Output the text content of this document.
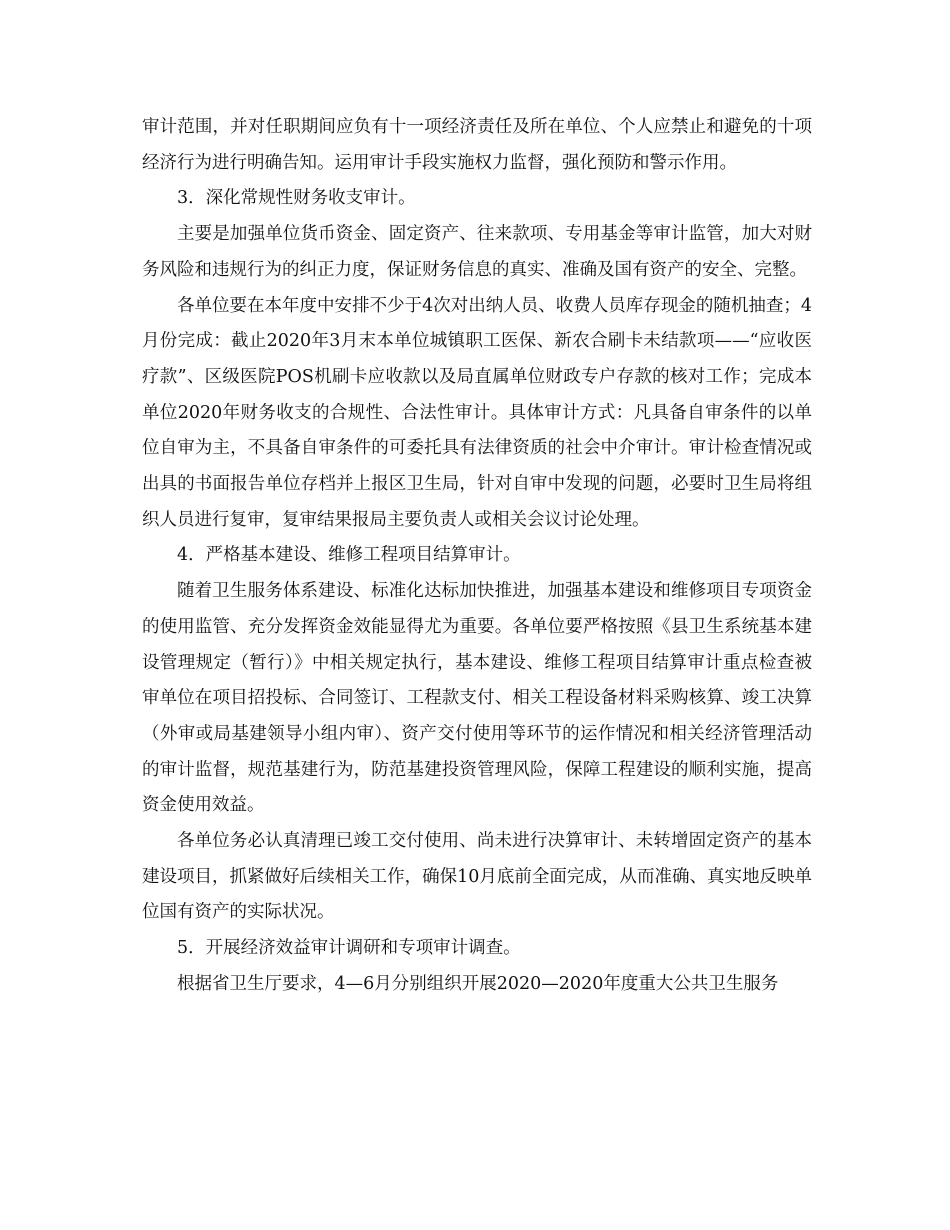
审计范围，并对任职期间应负有十一项经济责任及所在单位、个人应禁止和避免的十项经济行为进行明确告知。运用审计手段实施权力监督，强化预防和警示作用。

3．深化常规性财务收支审计。

主要是加强单位货币资金、固定资产、往来款项、专用基金等审计监管，加大对财务风险和违规行为的纠正力度，保证财务信息的真实、准确及国有资产的安全、完整。

各单位要在本年度中安排不少于4次对出纳人员、收费人员库存现金的随机抽查；4月份完成：截止2020年3月末本单位城镇职工医保、新农合刷卡未结款项——“应收医疗款”、区级医院POS机刷卡应收款以及局直属单位财政专户存款的核对工作；完成本单位2020年财务收支的合规性、合法性审计。具体审计方式：凡具备自审条件的以单位自审为主，不具备自审条件的可委托具有法律资质的社会中介审计。审计检查情况或出具的书面报告单位存档并上报区卫生局，针对自审中发现的问题，必要时卫生局将组织人员进行复审，复审结果报局主要负责人或相关会议讨论处理。

4．严格基本建设、维修工程项目结算审计。

随着卫生服务体系建设、标准化达标加快推进，加强基本建设和维修项目专项资金的使用监管、充分发挥资金效能显得尤为重要。各单位要严格按照《县卫生系统基本建设管理规定（暂行）》中相关规定执行，基本建设、维修工程项目结算审计重点检查被审单位在项目招投标、合同签订、工程款支付、相关工程设备材料采购核算、竣工决算（外审或局基建领导小组内审）、资产交付使用等环节的运作情况和相关经济管理活动的审计监督，规范基建行为，防范基建投资管理风险，保障工程建设的顺利实施，提高资金使用效益。

各单位务必认真清理已竣工交付使用、尚未进行决算审计、未转增固定资产的基本建设项目，抓紧做好后续相关工作，确保10月底前全面完成，从而准确、真实地反映单位国有资产的实际状况。

5．开展经济效益审计调研和专项审计调查。

根据省卫生厅要求，4—6月分别组织开展2020—2020年度重大公共卫生服务
